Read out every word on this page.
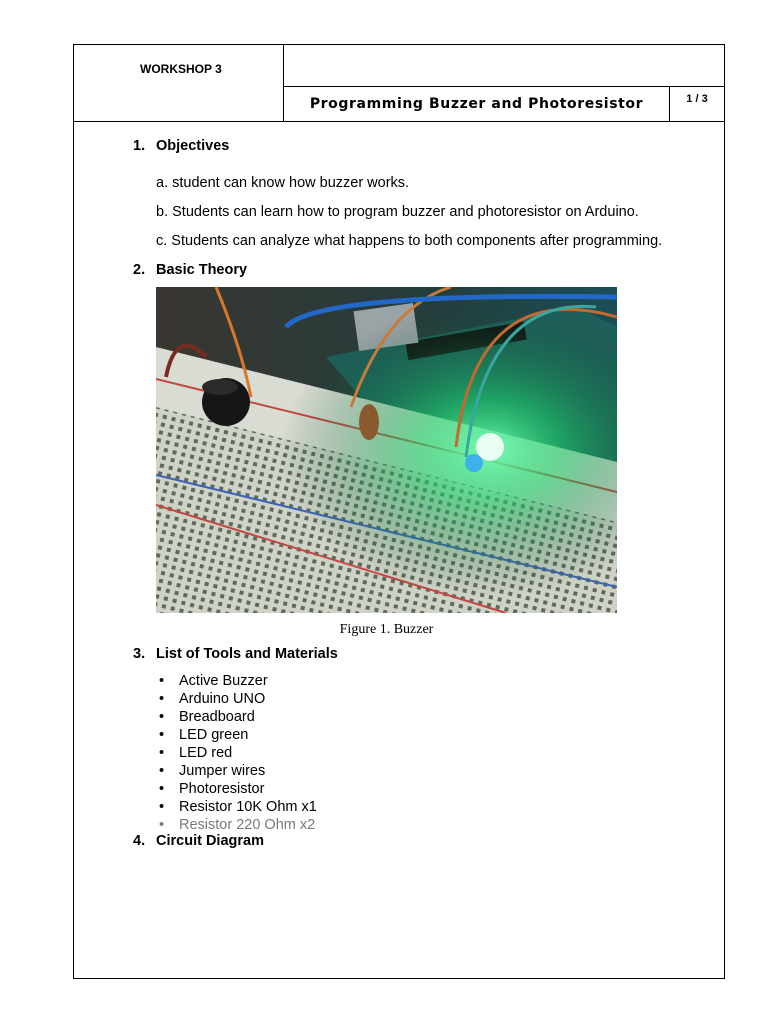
WORKSHOP 3
Programming Buzzer and Photoresistor	1 / 3
1. Objectives
a. student can know how buzzer works.
b. Students can learn how to program buzzer and photoresistor on Arduino.
c. Students can analyze what happens to both components after programming.
2. Basic Theory
Figure 1. Buzzer
3. List of Tools and Materials
• Active Buzzer
• Arduino UNO
• Breadboard
• LED green
• LED red
• Jumper wires
• Photoresistor
• Resistor 10K Ohm x1
• Resistor 220 Ohm x2
4. Circuit Diagram
